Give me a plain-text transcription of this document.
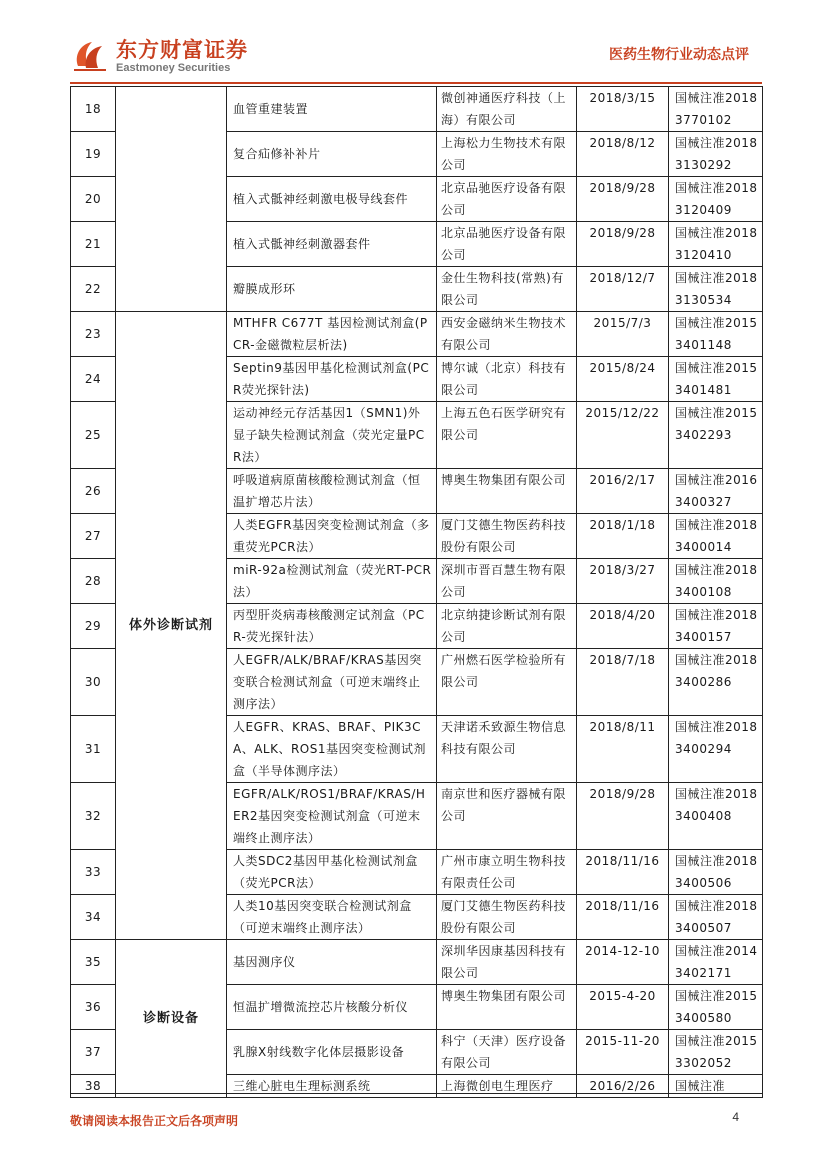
东方财富证券
Eastmoney Securities
医药生物行业动态点评
18		血管重建装置	微创神通医疗科技（上海）有限公司	2018/3/15	国械注准20183770102
19		复合疝修补补片	上海松力生物技术有限公司	2018/8/12	国械注准20183130292
20		植入式骶神经刺激电极导线套件	北京品驰医疗设备有限公司	2018/9/28	国械注准20183120409
21		植入式骶神经刺激器套件	北京品驰医疗设备有限公司	2018/9/28	国械注准20183120410
22		瓣膜成形环	金仕生物科技(常熟)有限公司	2018/12/7	国械注准20183130534
23	体外诊断试剂	MTHFR C677T 基因检测试剂盒(PCR-金磁微粒层析法)	西安金磁纳米生物技术有限公司	2015/7/3	国械注准20153401148
24		Septin9基因甲基化检测试剂盒(PCR荧光探针法)	博尔诚（北京）科技有限公司	2015/8/24	国械注准20153401481
25		运动神经元存活基因1（SMN1)外显子缺失检测试剂盒（荧光定量PCR法）	上海五色石医学研究有限公司	2015/12/22	国械注准20153402293
26		呼吸道病原菌核酸检测试剂盒（恒温扩增芯片法）	博奥生物集团有限公司	2016/2/17	国械注准20163400327
27		人类EGFR基因突变检测试剂盒（多重荧光PCR法）	厦门艾德生物医药科技股份有限公司	2018/1/18	国械注准20183400014
28		miR-92a检测试剂盒（荧光RT-PCR法）	深圳市晋百慧生物有限公司	2018/3/27	国械注准20183400108
29		丙型肝炎病毒核酸测定试剂盒（PCR-荧光探针法）	北京纳捷诊断试剂有限公司	2018/4/20	国械注准20183400157
30		人EGFR/ALK/BRAF/KRAS基因突变联合检测试剂盒（可逆末端终止测序法）	广州燃石医学检验所有限公司	2018/7/18	国械注准20183400286
31		人EGFR、KRAS、BRAF、PIK3CA、ALK、ROS1基因突变检测试剂盒（半导体测序法）	天津诺禾致源生物信息科技有限公司	2018/8/11	国械注准20183400294
32		EGFR/ALK/ROS1/BRAF/KRAS/HER2基因突变检测试剂盒（可逆末端终止测序法）	南京世和医疗器械有限公司	2018/9/28	国械注准20183400408
33		人类SDC2基因甲基化检测试剂盒（荧光PCR法）	广州市康立明生物科技有限责任公司	2018/11/16	国械注准20183400506
34		人类10基因突变联合检测试剂盒（可逆末端终止测序法）	厦门艾德生物医药科技股份有限公司	2018/11/16	国械注准20183400507
35	诊断设备	基因测序仪	深圳华因康基因科技有限公司	2014-12-10	国械注准20143402171
36		恒温扩增微流控芯片核酸分析仪	博奥生物集团有限公司	2015-4-20	国械注准20153400580
37		乳腺X射线数字化体层摄影设备	科宁（天津）医疗设备有限公司	2015-11-20	国械注准20153302052
38		三维心脏电生理标测系统	上海微创电生理医疗	2016/2/26	国械注准
敬请阅读本报告正文后各项声明	4
